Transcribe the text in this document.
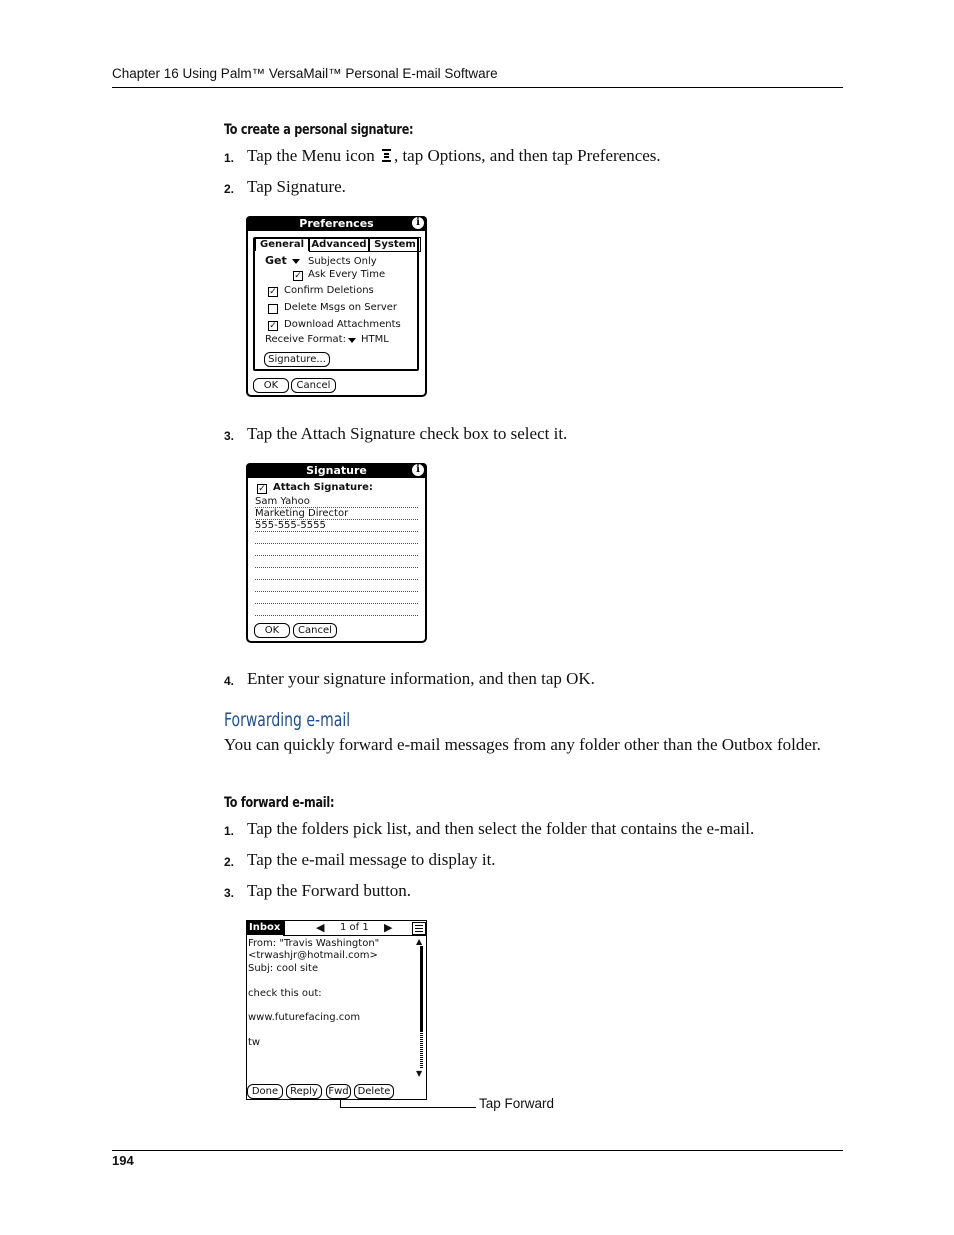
Chapter 16 Using Palm™ VersaMail™ Personal E-mail Software
To create a personal signature:
1. Tap the Menu icon , tap Options, and then tap Preferences.
2. Tap Signature.
Preferences	i
General Advanced System
Get Subjects Only
✓ Ask Every Time
✓ Confirm Deletions
Delete Msgs on Server
✓ Download Attachments
Receive Format: HTML
Signature...
OK	Cancel
3. Tap the Attach Signature check box to select it.
Signature	i
✓ Attach Signature:
Sam Yahoo
Marketing Director
555-555-5555
OK	Cancel
4. Enter your signature information, and then tap OK.
Forwarding e-mail
You can quickly forward e-mail messages from any folder other than the Outbox folder.
To forward e-mail:
1. Tap the folders pick list, and then select the folder that contains the e-mail.
2. Tap the e-mail message to display it.
3. Tap the Forward button.
Inbox	◀ 1 of 1 ▶
From: "Travis Washington"
<trwashjr@hotmail.com>
Subj: cool site
check this out:
www.futurefacing.com
tw
▲
▼
Done	Reply	Fwd Delete
Tap Forward
194
